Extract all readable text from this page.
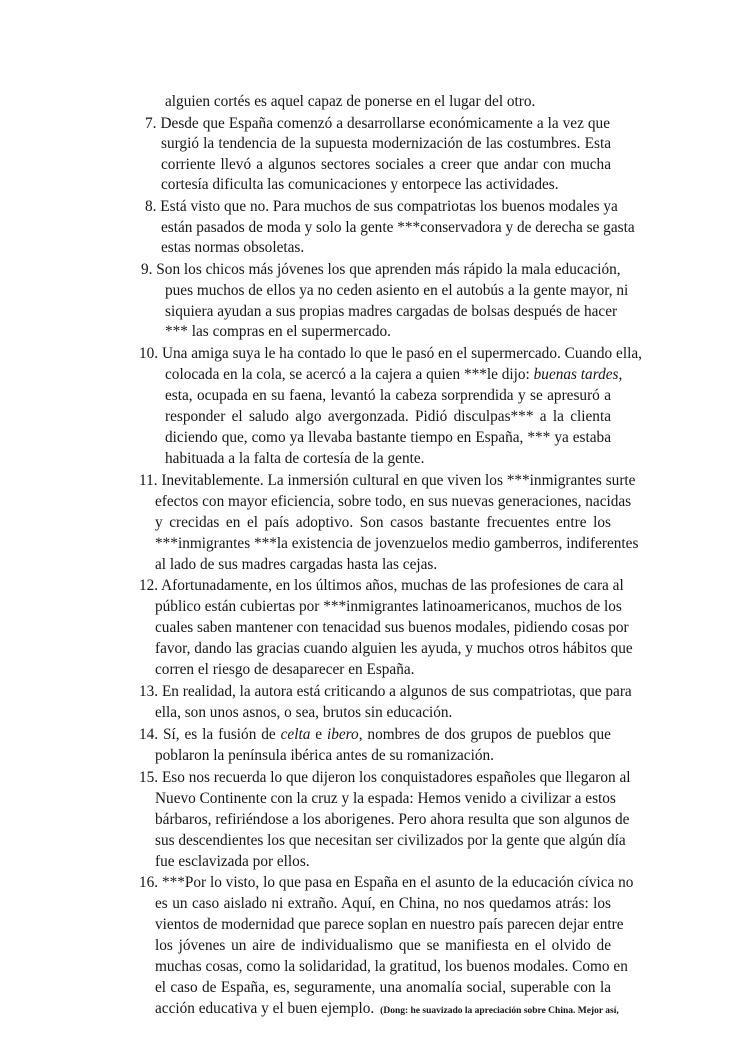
alguien cortés es aquel capaz de ponerse en el lugar del otro.

7. Desde que España comenzó a desarrollarse económicamente a la vez que

surgió la tendencia de la supuesta modernización de las costumbres. Esta

corriente llevó a algunos sectores sociales a creer que andar con mucha

cortesía dificulta las comunicaciones y entorpece las actividades.

8. Está visto que no. Para muchos de sus compatriotas los buenos modales ya

están pasados de moda y solo la gente ***conservadora y de derecha se gasta

estas normas obsoletas.

9. Son los chicos más jóvenes los que aprenden más rápido la mala educación,

pues muchos de ellos ya no ceden asiento en el autobús a la gente mayor, ni

siquiera ayudan a sus propias madres cargadas de bolsas después de hacer

*** las compras en el supermercado.

10. Una amiga suya le ha contado lo que le pasó en el supermercado. Cuando ella,

colocada en la cola, se acercó a la cajera a quien ***le dijo: buenas tardes,

esta, ocupada en su faena, levantó la cabeza sorprendida y se apresuró a

responder el saludo algo avergonzada. Pidió disculpas*** a la clienta

diciendo que, como ya llevaba bastante tiempo en España, *** ya estaba

habituada a la falta de cortesía de la gente.

11. Inevitablemente. La inmersión cultural en que viven los ***inmigrantes surte

efectos con mayor eficiencia, sobre todo, en sus nuevas generaciones, nacidas

y crecidas en el país adoptivo. Son casos bastante frecuentes entre los

***inmigrantes ***la existencia de jovenzuelos medio gamberros, indiferentes

al lado de sus madres cargadas hasta las cejas.

12. Afortunadamente, en los últimos años, muchas de las profesiones de cara al

público están cubiertas por ***inmigrantes latinoamericanos, muchos de los

cuales saben mantener con tenacidad sus buenos modales, pidiendo cosas por

favor, dando las gracias cuando alguien les ayuda, y muchos otros hábitos que

corren el riesgo de desaparecer en España.

13. En realidad, la autora está criticando a algunos de sus compatriotas, que para

ella, son unos asnos, o sea, brutos sin educación.

14. Sí, es la fusión de celta e ibero, nombres de dos grupos de pueblos que

poblaron la península ibérica antes de su romanización.

15. Eso nos recuerda lo que dijeron los conquistadores españoles que llegaron al

Nuevo Continente con la cruz y la espada: Hemos venido a civilizar a estos

bárbaros, refiriéndose a los aborigenes. Pero ahora resulta que son algunos de

sus descendientes los que necesitan ser civilizados por la gente que algún día

fue esclavizada por ellos.

16. ***Por lo visto, lo que pasa en España en el asunto de la educación cívica no

es un caso aislado ni extraño. Aquí, en China, no nos quedamos atrás: los

vientos de modernidad que parece soplan en nuestro país parecen dejar entre

los jóvenes un aire de individualismo que se manifiesta en el olvido de

muchas cosas, como la solidaridad, la gratitud, los buenos modales. Como en

el caso de España, es, seguramente, una anomalía social, superable con la

acción educativa y el buen ejemplo. (Dong: he suavizado la apreciación sobre China. Mejor así,
